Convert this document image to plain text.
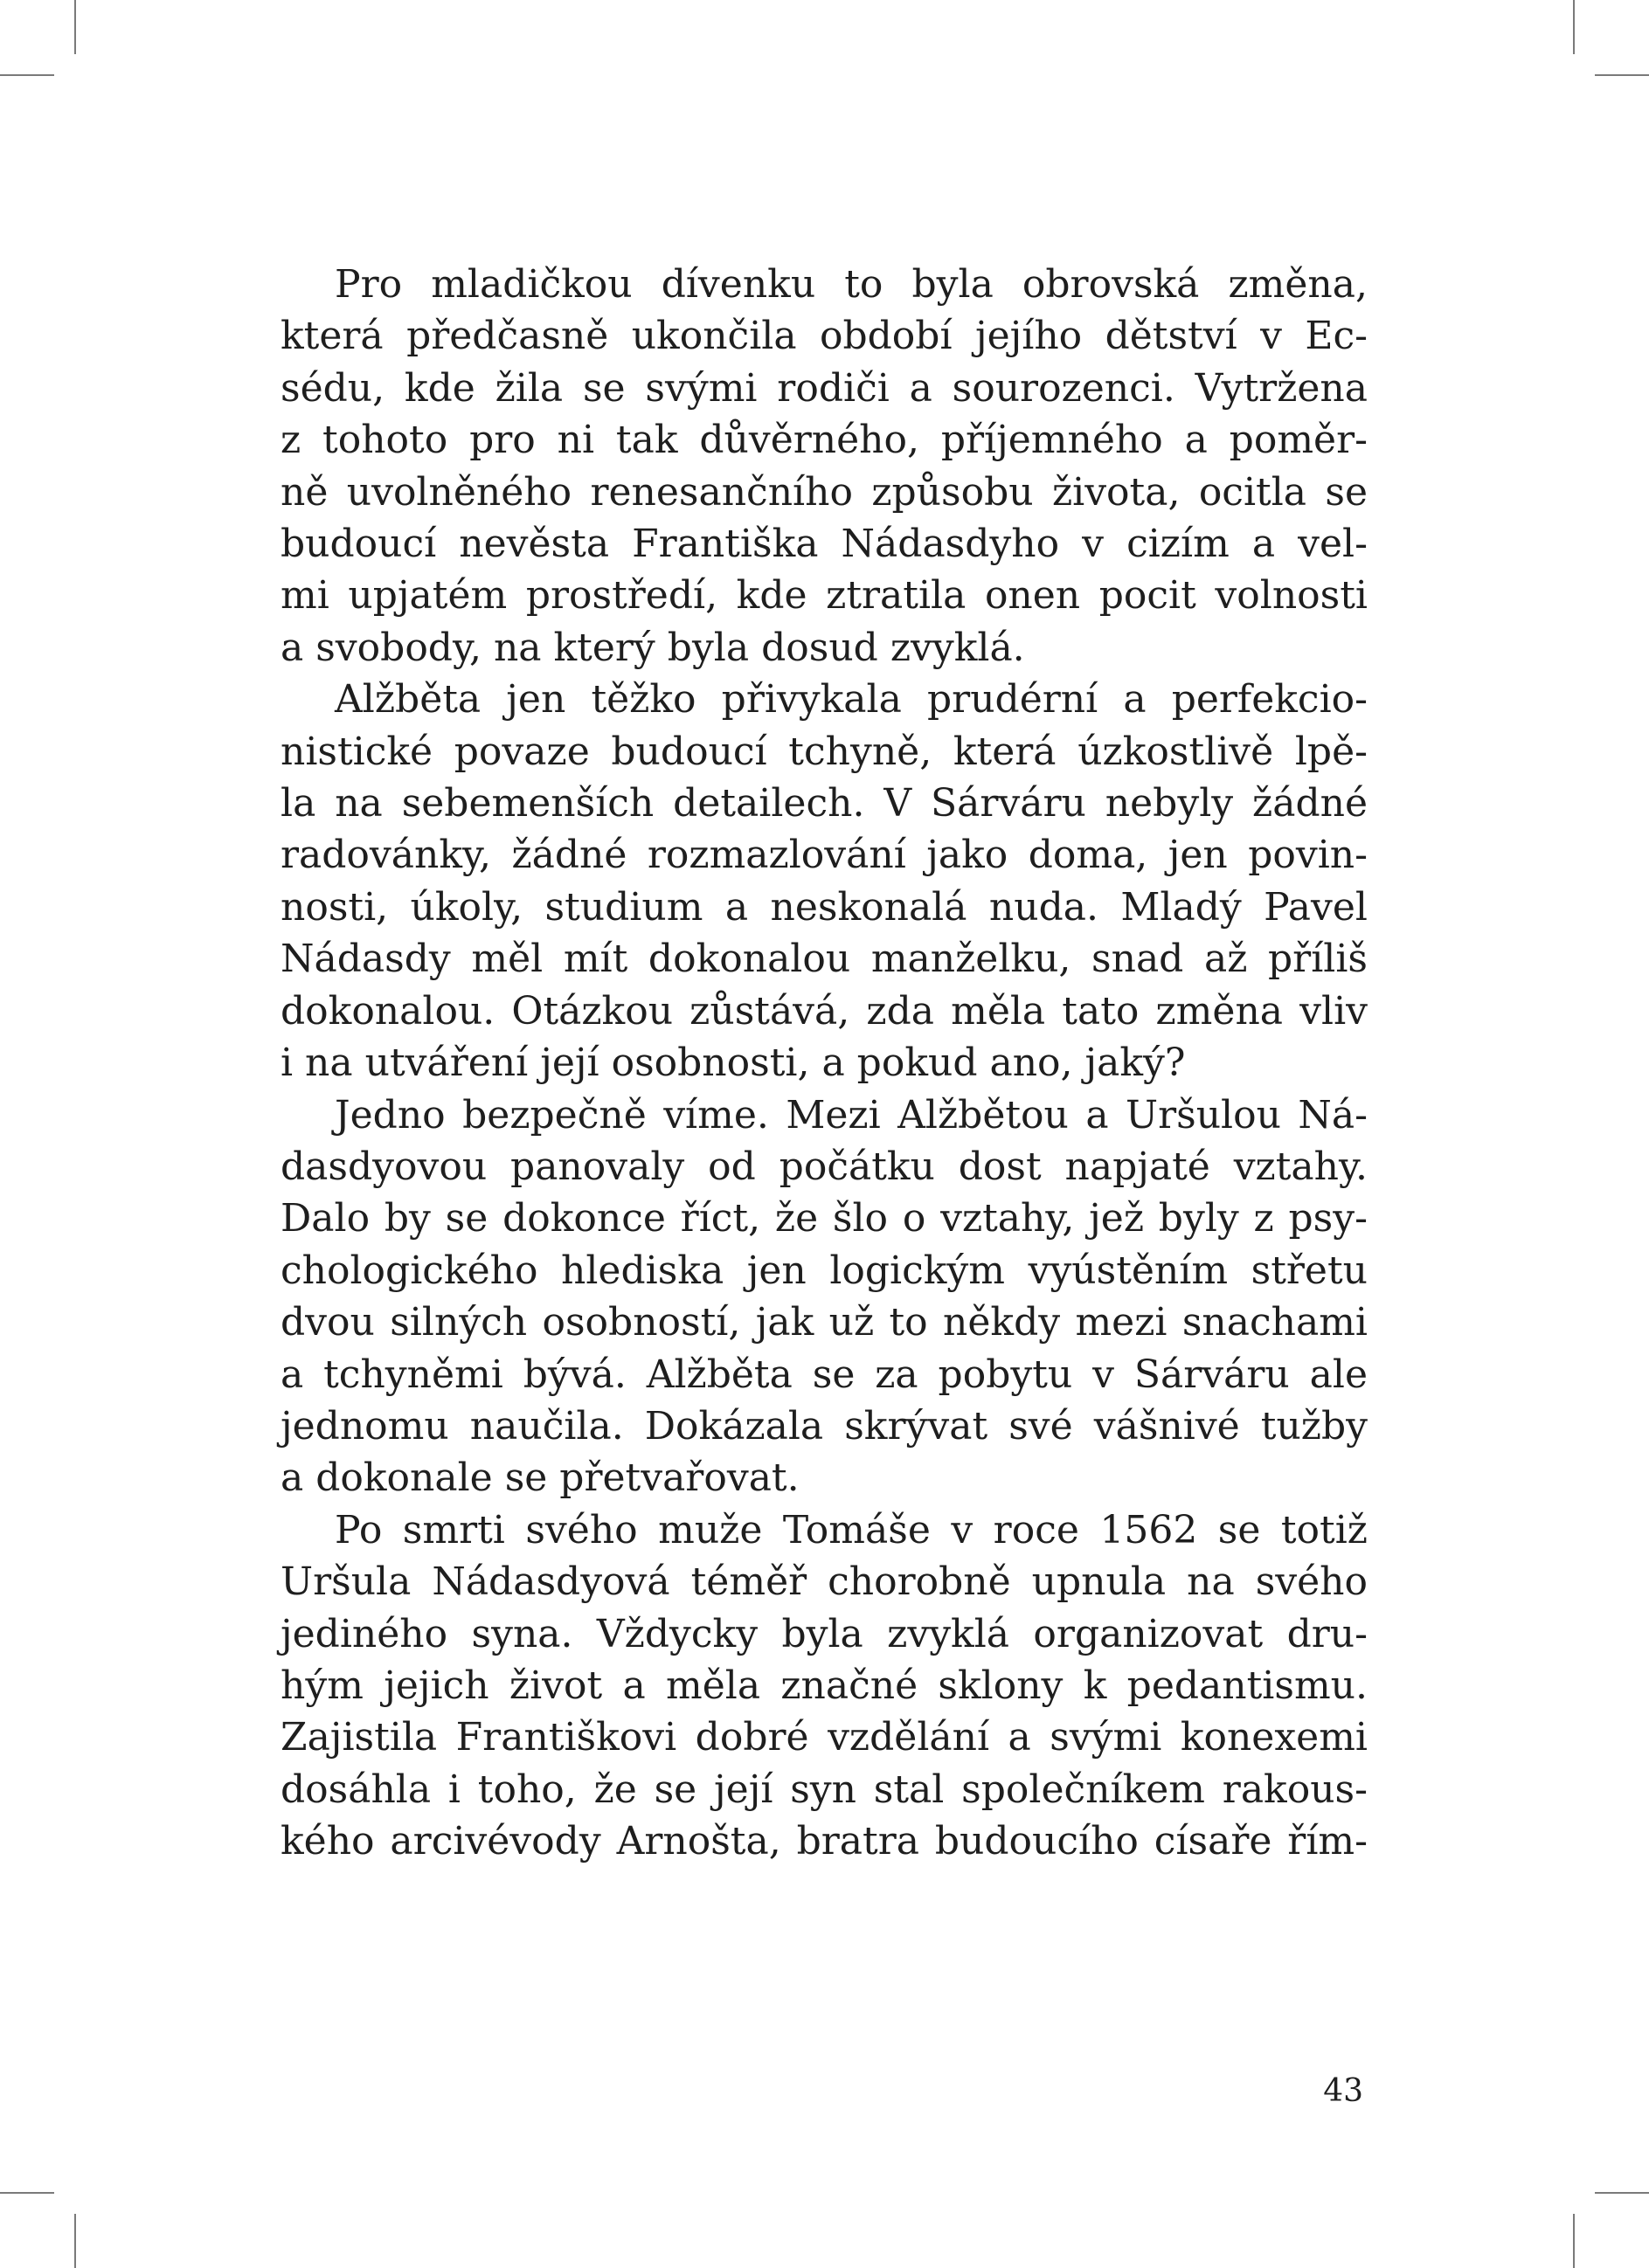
Pro mladičkou dívenku to byla obrovská změna,
která předčasně ukončila období jejího dětství v Ec-
sédu, kde žila se svými rodiči a sourozenci. Vytržena
z tohoto pro ni tak důvěrného, příjemného a poměr-
ně uvolněného renesančního způsobu života, ocitla se
budoucí nevěsta Františka Nádasdyho v cizím a vel-
mi upjatém prostředí, kde ztratila onen pocit volnosti
a svobody, na který byla dosud zvyklá.

Alžběta jen těžko přivykala prudérní a perfekcio-
nistické povaze budoucí tchyně, která úzkostlivě lpě-
la na sebemenších detailech. V Sárváru nebyly žádné
radovánky, žádné rozmazlování jako doma, jen povin-
nosti, úkoly, studium a neskonalá nuda. Mladý Pavel
Nádasdy měl mít dokonalou manželku, snad až příliš
dokonalou. Otázkou zůstává, zda měla tato změna vliv
i na utváření její osobnosti, a pokud ano, jaký?

Jedno bezpečně víme. Mezi Alžbětou a Uršulou Ná-
dasdyovou panovaly od počátku dost napjaté vztahy.
Dalo by se dokonce říct, že šlo o vztahy, jež byly z psy-
chologického hlediska jen logickým vyústěním střetu
dvou silných osobností, jak už to někdy mezi snachami
a tchyněmi bývá. Alžběta se za pobytu v Sárváru ale
jednomu naučila. Dokázala skrývat své vášnivé tužby
a dokonale se přetvařovat.

Po smrti svého muže Tomáše v roce 1562 se totiž
Uršula Nádasdyová téměř chorobně upnula na svého
jediného syna. Vždycky byla zvyklá organizovat dru-
hým jejich život a měla značné sklony k pedantismu.
Zajistila Františkovi dobré vzdělání a svými konexemi
dosáhla i toho, že se její syn stal společníkem rakous-
kého arcivévody Arnošta, bratra budoucího císaře řím-

43
